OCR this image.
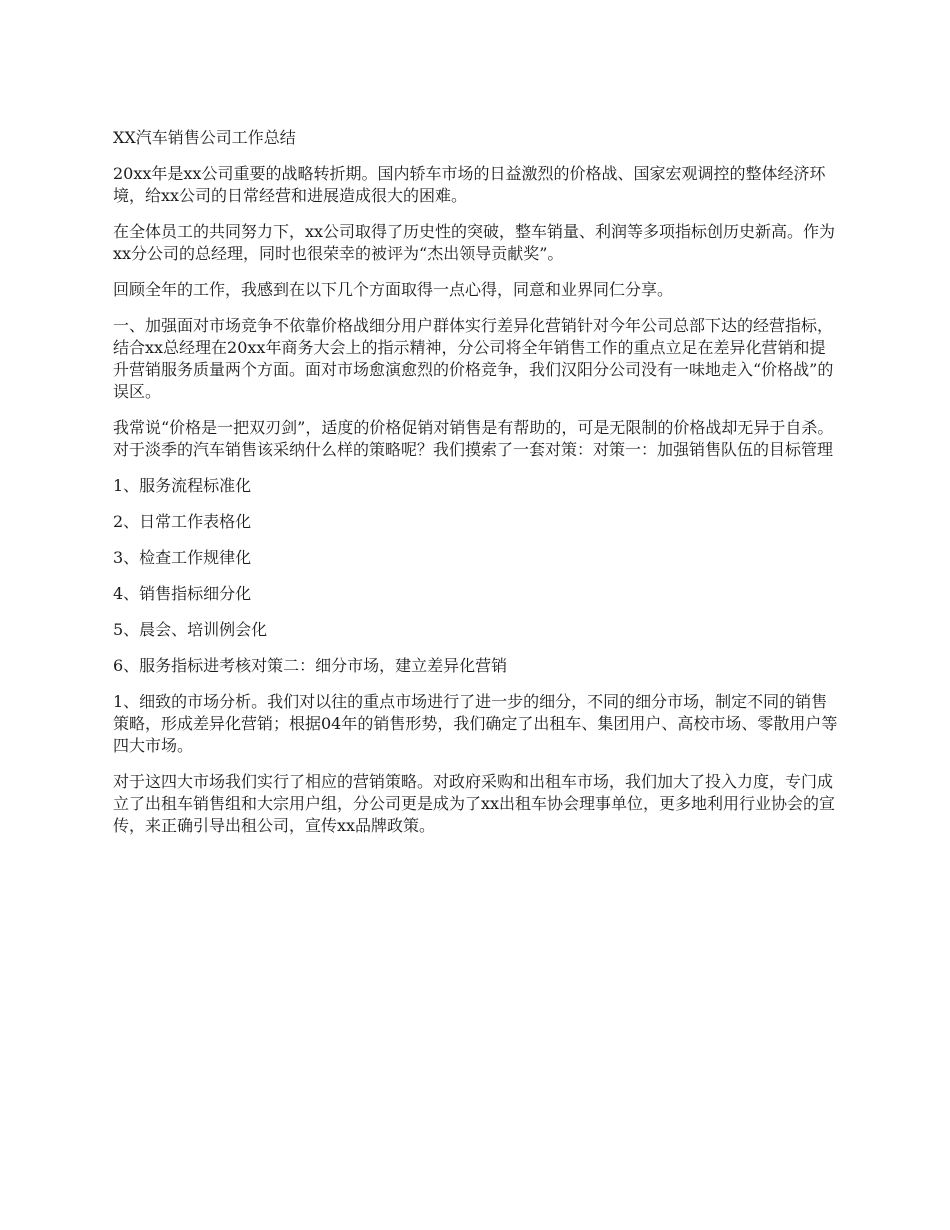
XX汽车销售公司工作总结

20xx年是xx公司重要的战略转折期。国内轿车市场的日益激烈的价格战、国家宏观调控的整体经济环境，给xx公司的日常经营和进展造成很大的困难。

在全体员工的共同努力下，xx公司取得了历史性的突破，整车销量、利润等多项指标创历史新高。作为xx分公司的总经理，同时也很荣幸的被评为“杰出领导贡献奖”。

回顾全年的工作，我感到在以下几个方面取得一点心得，同意和业界同仁分享。

一、加强面对市场竞争不依靠价格战细分用户群体实行差异化营销针对今年公司总部下达的经营指标，结合xx总经理在20xx年商务大会上的指示精神，分公司将全年销售工作的重点立足在差异化营销和提升营销服务质量两个方面。面对市场愈演愈烈的价格竞争，我们汉阳分公司没有一味地走入“价格战”的误区。

我常说“价格是一把双刃剑”，适度的价格促销对销售是有帮助的，可是无限制的价格战却无异于自杀。对于淡季的汽车销售该采纳什么样的策略呢？我们摸索了一套对策：对策一：加强销售队伍的目标管理

1、服务流程标准化

2、日常工作表格化

3、检查工作规律化

4、销售指标细分化

5、晨会、培训例会化

6、服务指标进考核对策二：细分市场，建立差异化营销

1、细致的市场分析。我们对以往的重点市场进行了进一步的细分，不同的细分市场，制定不同的销售策略，形成差异化营销；根据04年的销售形势，我们确定了出租车、集团用户、高校市场、零散用户等四大市场。

对于这四大市场我们实行了相应的营销策略。对政府采购和出租车市场，我们加大了投入力度，专门成立了出租车销售组和大宗用户组，分公司更是成为了xx出租车协会理事单位，更多地利用行业协会的宣传，来正确引导出租公司，宣传xx品牌政策。
